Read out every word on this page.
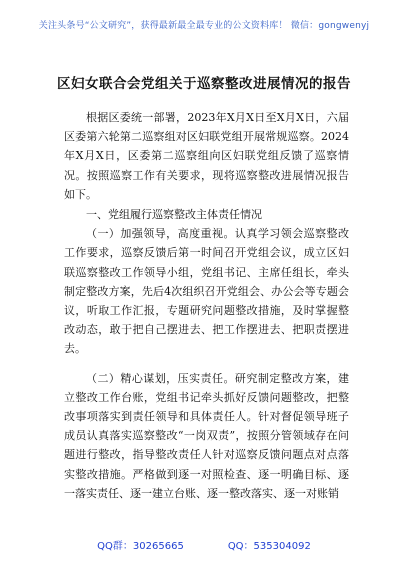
关注头条号“公文研究”，获得最新最全最专业的公文资料库！ 微信：gongwenyj
区妇女联合会党组关于巡察整改进展情况的报告

根据区委统一部署，2023年X月X日至X月X日，六届区委第六轮第二巡察组对区妇联党组开展常规巡察。2024年X月X日，区委第二巡察组向区妇联党组反馈了巡察情况。按照巡察工作有关要求，现将巡察整改进展情况报告如下。

一、党组履行巡察整改主体责任情况

（一）加强领导，高度重视。认真学习领会巡察整改工作要求，巡察反馈后第一时间召开党组会议，成立区妇联巡察整改工作领导小组，党组书记、主席任组长，牵头制定整改方案，先后4次组织召开党组会、办公会等专题会议，听取工作汇报，专题研究问题整改措施，及时掌握整改动态，敢于把自己摆进去、把工作摆进去、把职责摆进去。

（二）精心谋划，压实责任。研究制定整改方案，建立整改工作台账，党组书记牵头抓好反馈问题整改，把整改事项落实到责任领导和具体责任人。针对督促领导班子成员认真落实巡察整改“一岗双责”，按照分管领域存在问题进行整改，指导整改责任人针对巡察反馈问题点对点落实整改措施。严格做到逐一对照检查、逐一明确目标、逐一落实责任、逐一建立台账、逐一整改落实、逐一对账销

QQ群：30265665	QQ：535304092
